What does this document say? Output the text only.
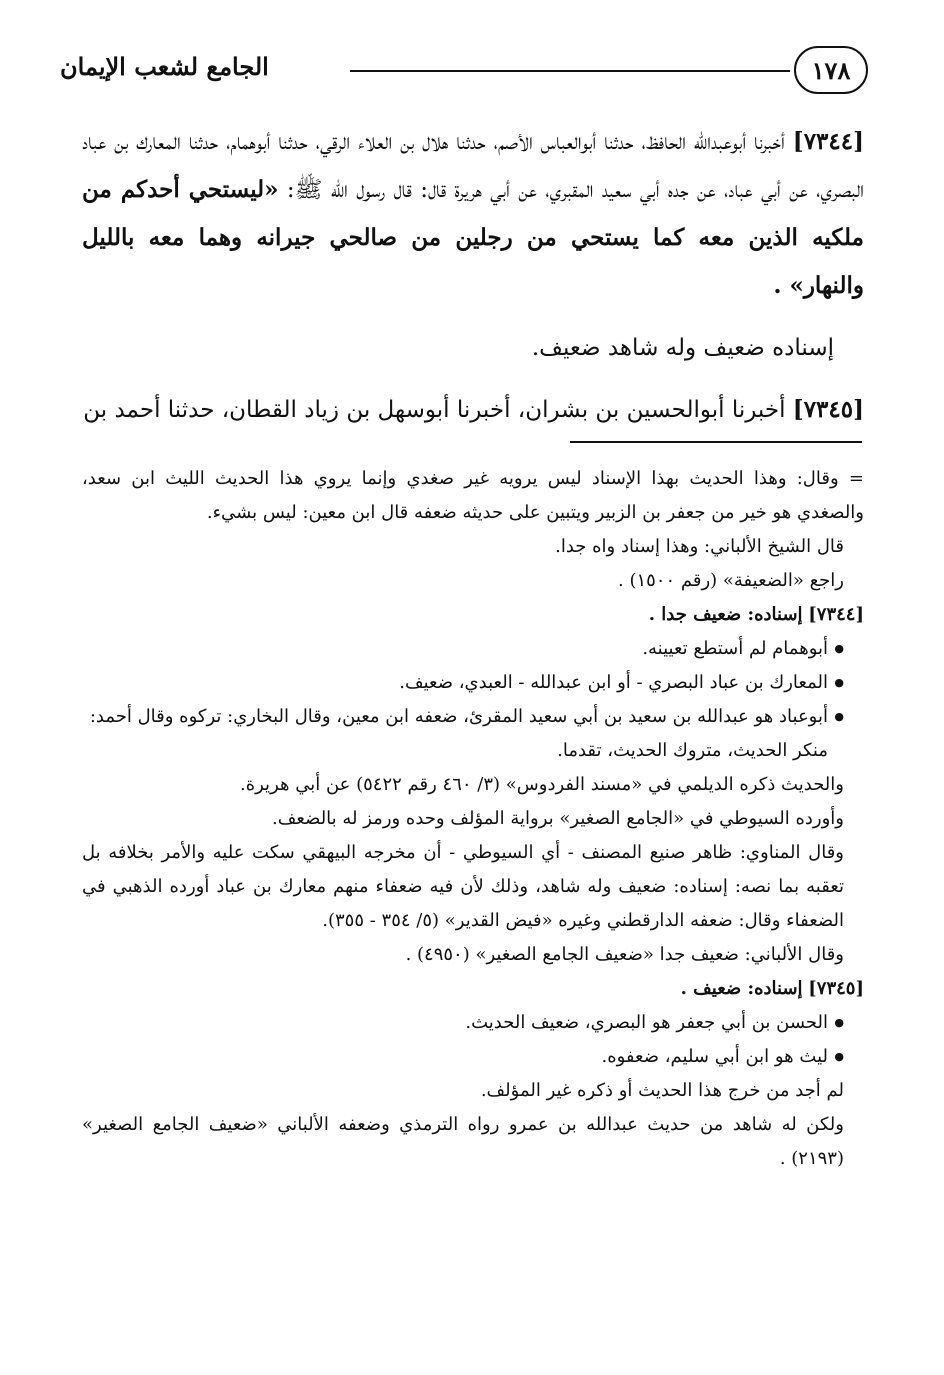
الجامع لشعب الإيمان	١٧٨

[٧٣٤٤] أخبرنا أبوعبدالله الحافظ، حدثنا أبوالعباس الأصم، حدثنا هلال بن العلاء الرقي، حدثنا أبوهمام، حدثنا المعارك بن عباد البصري، عن أبي عباد، عن جده أبي سعيد المقبري، عن أبي هريرة قال: قال رسول الله ﷺ: «ليستحي أحدكم من ملكيه الذين معه كما يستحي من رجلين من صالحي جيرانه وهما معه بالليل والنهار» .

إسناده ضعيف وله شاهد ضعيف.

[٧٣٤٥] أخبرنا أبوالحسين بن بشران، أخبرنا أبوسهل بن زياد القطان، حدثنا أحمد بن

= وقال: وهذا الحديث بهذا الإسناد ليس يرويه غير صغدي وإنما يروي هذا الحديث الليث ابن سعد، والصغدي هو خير من جعفر بن الزبير ويتبين على حديثه ضعفه قال ابن معين: ليس بشيء.

قال الشيخ الألباني: وهذا إسناد واه جدا.

راجع «الضعيفة» (رقم ١٥٠٠) .

[٧٣٤٤] إسناده: ضعيف جدا .

● أبوهمام لم أستطع تعيينه.
● المعارك بن عباد البصري - أو ابن عبدالله - العبدي، ضعيف.
● أبوعباد هو عبدالله بن سعيد بن أبي سعيد المقرئ، ضعفه ابن معين، وقال البخاري: تركوه وقال أحمد: منكر الحديث، متروك الحديث، تقدما.

والحديث ذكره الديلمي في «مسند الفردوس» (٣/ ٤٦٠ رقم ٥٤٢٢) عن أبي هريرة.

وأورده السيوطي في «الجامع الصغير» برواية المؤلف وحده ورمز له بالضعف.

وقال المناوي: ظاهر صنيع المصنف - أي السيوطي - أن مخرجه البيهقي سكت عليه والأمر بخلافه بل تعقبه بما نصه: إسناده: ضعيف وله شاهد، وذلك لأن فيه ضعفاء منهم معارك بن عباد أورده الذهبي في الضعفاء وقال: ضعفه الدارقطني وغيره «فيض القدير» (٥/ ٣٥٤ - ٣٥٥).

وقال الألباني: ضعيف جدا «ضعيف الجامع الصغير» (٤٩٥٠) .

[٧٣٤٥] إسناده: ضعيف .

● الحسن بن أبي جعفر هو البصري، ضعيف الحديث.
● ليث هو ابن أبي سليم، ضعفوه.

لم أجد من خرج هذا الحديث أو ذكره غير المؤلف.

ولكن له شاهد من حديث عبدالله بن عمرو رواه الترمذي وضعفه الألباني «ضعيف الجامع الصغير» (٢١٩٣) .
